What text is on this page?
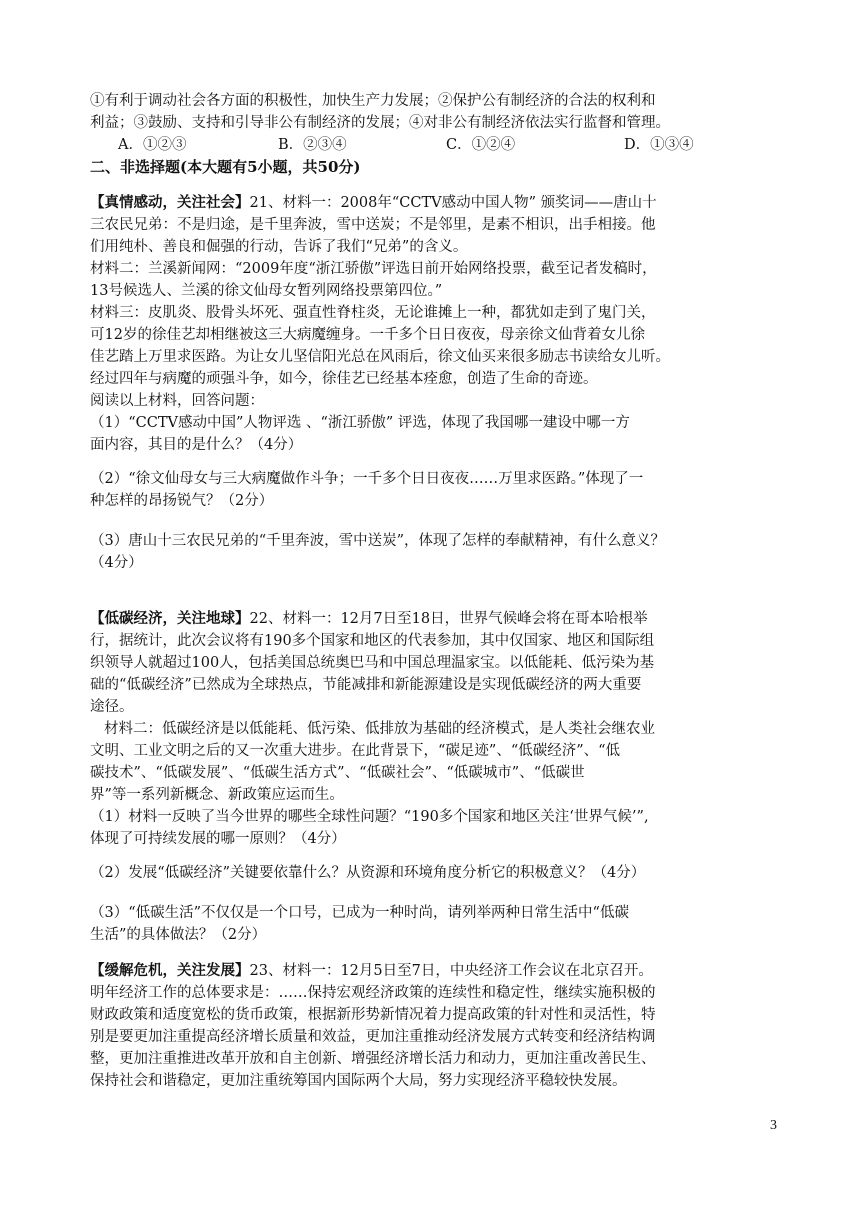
①有利于调动社会各方面的积极性，加快生产力发展；②保护公有制经济的合法的权利和
利益；③鼓励、支持和引导非公有制经济的发展；④对非公有制经济依法实行监督和管理。
A．①②③	B．②③④	C．①②④	D．①③④
二、非选择题(本大题有5小题，共50分)
【真情感动，关注社会】21、材料一：2008年“CCTV感动中国人物” 颁奖词——唐山十
三农民兄弟：不是归途，是千里奔波，雪中送炭；不是邻里，是素不相识，出手相接。他
们用纯朴、善良和倔强的行动，告诉了我们“兄弟”的含义。
材料二：兰溪新闻网：“2009年度“浙江骄傲”评选日前开始网络投票，截至记者发稿时，
13号候选人、兰溪的徐文仙母女暂列网络投票第四位。”
材料三：皮肌炎、股骨头坏死、强直性脊柱炎，无论谁摊上一种，都犹如走到了鬼门关，
可12岁的徐佳艺却相继被这三大病魔缠身。一千多个日日夜夜，母亲徐文仙背着女儿徐
佳艺踏上万里求医路。为让女儿坚信阳光总在风雨后，徐文仙买来很多励志书读给女儿听。
经过四年与病魔的顽强斗争，如今，徐佳艺已经基本痊愈，创造了生命的奇迹。
阅读以上材料，回答问题：
（1）“CCTV感动中国”人物评选 、“浙江骄傲” 评选，体现了我国哪一建设中哪一方
面内容，其目的是什么？（4分）
（2）“徐文仙母女与三大病魔做作斗争；一千多个日日夜夜……万里求医路。”体现了一
种怎样的昂扬锐气？（2分）
（3）唐山十三农民兄弟的“千里奔波，雪中送炭”，体现了怎样的奉献精神，有什么意义？
（4分）
【低碳经济，关注地球】22、材料一：12月7日至18日，世界气候峰会将在哥本哈根举
行，据统计，此次会议将有190多个国家和地区的代表参加，其中仅国家、地区和国际组
织领导人就超过100人，包括美国总统奥巴马和中国总理温家宝。以低能耗、低污染为基
础的“低碳经济”已然成为全球热点，节能减排和新能源建设是实现低碳经济的两大重要
途径。
材料二：低碳经济是以低能耗、低污染、低排放为基础的经济模式，是人类社会继农业
文明、工业文明之后的又一次重大进步。在此背景下，“碳足迹”、“低碳经济”、“低
碳技术”、“低碳发展”、“低碳生活方式”、“低碳社会”、“低碳城市”、“低碳世
界”等一系列新概念、新政策应运而生。
（1）材料一反映了当今世界的哪些全球性问题？“190多个国家和地区关注‘世界气候’”,
体现了可持续发展的哪一原则？（4分）
（2）发展“低碳经济”关键要依靠什么？从资源和环境角度分析它的积极意义？（4分）
（3）“低碳生活”不仅仅是一个口号，已成为一种时尚，请列举两种日常生活中“低碳
生活”的具体做法？（2分）
【缓解危机，关注发展】23、材料一：12月5日至7日，中央经济工作会议在北京召开。
明年经济工作的总体要求是：……保持宏观经济政策的连续性和稳定性，继续实施积极的
财政政策和适度宽松的货币政策，根据新形势新情况着力提高政策的针对性和灵活性，特
别是要更加注重提高经济增长质量和效益，更加注重推动经济发展方式转变和经济结构调
整，更加注重推进改革开放和自主创新、增强经济增长活力和动力，更加注重改善民生、
保持社会和谐稳定，更加注重统筹国内国际两个大局，努力实现经济平稳较快发展。
3
